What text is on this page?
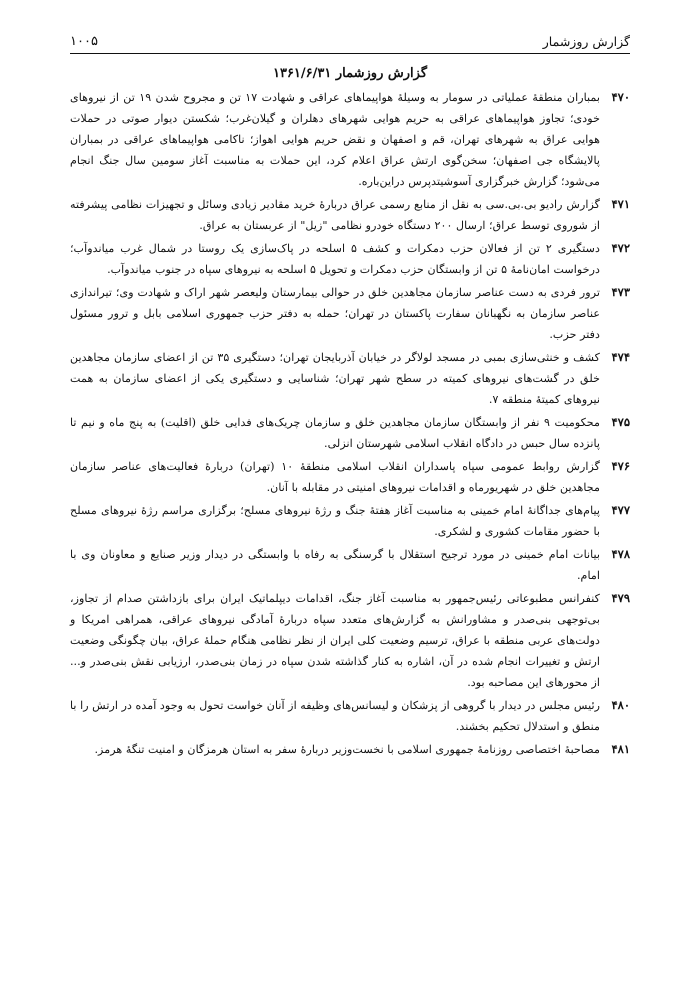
گزارش روزشمار
۱۰۰۵
گزارش روزشمار ۱۳۶۱/۶/۳۱
۴۷۰
بمباران منطقهٔ عملیاتی در سومار به وسیلهٔ هواپیماهای عراقی و شهادت ۱۷ تن و مجروح شدن ۱۹ تن از نیروهای خودی؛ تجاوز هواپیماهای عراقی به حریم هوایی شهرهای دهلران و گیلان‌غرب؛ شکستن دیوار صوتی در حملات هوایی عراق به شهرهای تهران، قم و اصفهان و نقض حریم هوایی اهواز؛ ناکامی هواپیماهای عراقی در بمباران پالایشگاه جی اصفهان؛ سخن‌گوی ارتش عراق اعلام کرد، این حملات به مناسبت آغاز سومین سال جنگ انجام می‌شود؛ گزارش خبرگزاری آسوشیتدپرس دراین‌باره.
۴۷۱
گزارش رادیو بی.بی.سی به نقل از منابع رسمی عراق دربارهٔ خرید مقادیر زیادی وسائل و تجهیزات نظامی پیشرفته از شوروی توسط عراق؛ ارسال ۲۰۰ دستگاه خودرو نظامی "زیل" از عربستان به عراق.
۴۷۲
دستگیری ۲ تن از فعالان حزب دمکرات و کشف ۵ اسلحه در پاک‌سازی یک روستا در شمال غرب میاندوآب؛ درخواست امان‌نامهٔ ۵ تن از وابستگان حزب دمکرات و تحویل ۵ اسلحه به نیروهای سپاه در جنوب میاندوآب.
۴۷۳
ترور فردی به دست عناصر سازمان مجاهدین خلق در حوالی بیمارستان ولیعصر شهر اراک و شهادت وی؛ تیراندازی عناصر سازمان به نگهبانان سفارت پاکستان در تهران؛ حمله به دفتر حزب جمهوری اسلامی بابل و ترور مسئول دفتر حزب.
۴۷۴
کشف و خنثی‌سازی بمبی در مسجد لولاگر در خیابان آذربایجان تهران؛ دستگیری ۳۵ تن از اعضای سازمان مجاهدین خلق در گشت‌های نیروهای کمیته در سطح شهر تهران؛ شناسایی و دستگیری یکی از اعضای سازمان به همت نیروهای کمیتهٔ منطقه ۷.
۴۷۵
محکومیت ۹ نفر از وابستگان سازمان مجاهدین خلق و سازمان چریک‌های فدایی خلق (اقلیت) به پنج ماه و نیم تا پانزده سال حبس در دادگاه انقلاب اسلامی شهرستان انزلی.
۴۷۶
گزارش روابط عمومی سپاه پاسداران انقلاب اسلامی منطقهٔ ۱۰ (تهران) دربارهٔ فعالیت‌های عناصر سازمان مجاهدین خلق در شهریورماه و اقدامات نیروهای امنیتی در مقابله با آنان.
۴۷۷
پیام‌های جداگانهٔ امام خمینی به مناسبت آغاز هفتهٔ جنگ و رژهٔ نیروهای مسلح؛ برگزاری مراسم رژهٔ نیروهای مسلح با حضور مقامات کشوری و لشکری.
۴۷۸
بیانات امام خمینی در مورد ترجیح استقلال با گرسنگی به رفاه با وابستگی در دیدار وزیر صنایع و معاونان وی با امام.
۴۷۹
کنفرانس مطبوعاتی رئیس‌جمهور به مناسبت آغاز جنگ، اقدامات دیپلماتیک ایران برای بازداشتن صدام از تجاوز، بی‌توجهی بنی‌صدر و مشاورانش به گزارش‌های متعدد سپاه دربارهٔ آمادگی نیروهای عراقی، همراهی امریکا و دولت‌های عربی منطقه با عراق، ترسیم وضعیت کلی ایران از نظر نظامی هنگام حملهٔ عراق، بیان چگونگی وضعیت ارتش و تغییرات انجام شده در آن، اشاره به کنار گذاشته شدن سپاه در زمان بنی‌صدر، ارزیابی نقش بنی‌صدر و... از محورهای این مصاحبه بود.
۴۸۰
رئیس مجلس در دیدار با گروهی از پزشکان و لیسانس‌های وظیفه از آنان خواست تحول به وجود آمده در ارتش را با منطق و استدلال تحکیم بخشند.
۴۸۱
مصاحبهٔ اختصاصی روزنامهٔ جمهوری اسلامی با نخست‌وزیر دربارهٔ سفر به استان هرمزگان و امنیت تنگهٔ هرمز.
